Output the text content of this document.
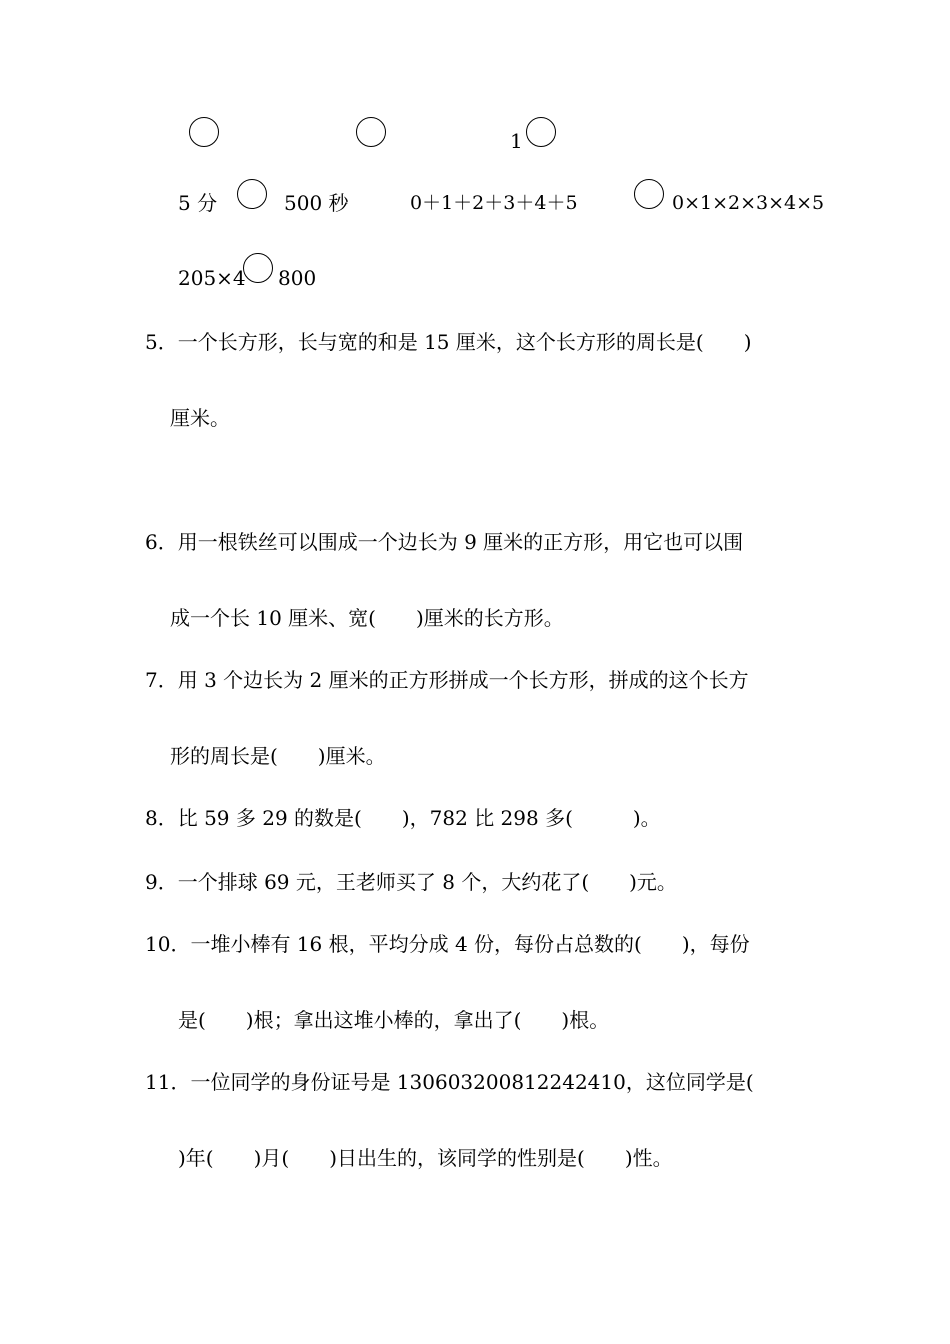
1
5 分	500 秒	0＋1＋2＋3＋4＋5	0×1×2×3×4×5
205×4 800
5．一个长方形，长与宽的和是 15 厘米，这个长方形的周长是(　　)
厘米。
6．用一根铁丝可以围成一个边长为 9 厘米的正方形，用它也可以围
成一个长 10 厘米、宽(　　)厘米的长方形。
7．用 3 个边长为 2 厘米的正方形拼成一个长方形，拼成的这个长方
形的周长是(　　)厘米。
8．比 59 多 29 的数是(　　)，782 比 298 多(　　　)。
9．一个排球 69 元，王老师买了 8 个，大约花了(　　)元。
10．一堆小棒有 16 根，平均分成 4 份，每份占总数的(　　)，每份
是(　　)根；拿出这堆小棒的，拿出了(　　)根。
11．一位同学的身份证号是 130603200812242410，这位同学是(
)年(　　)月(　　)日出生的，该同学的性别是(　　)性。
